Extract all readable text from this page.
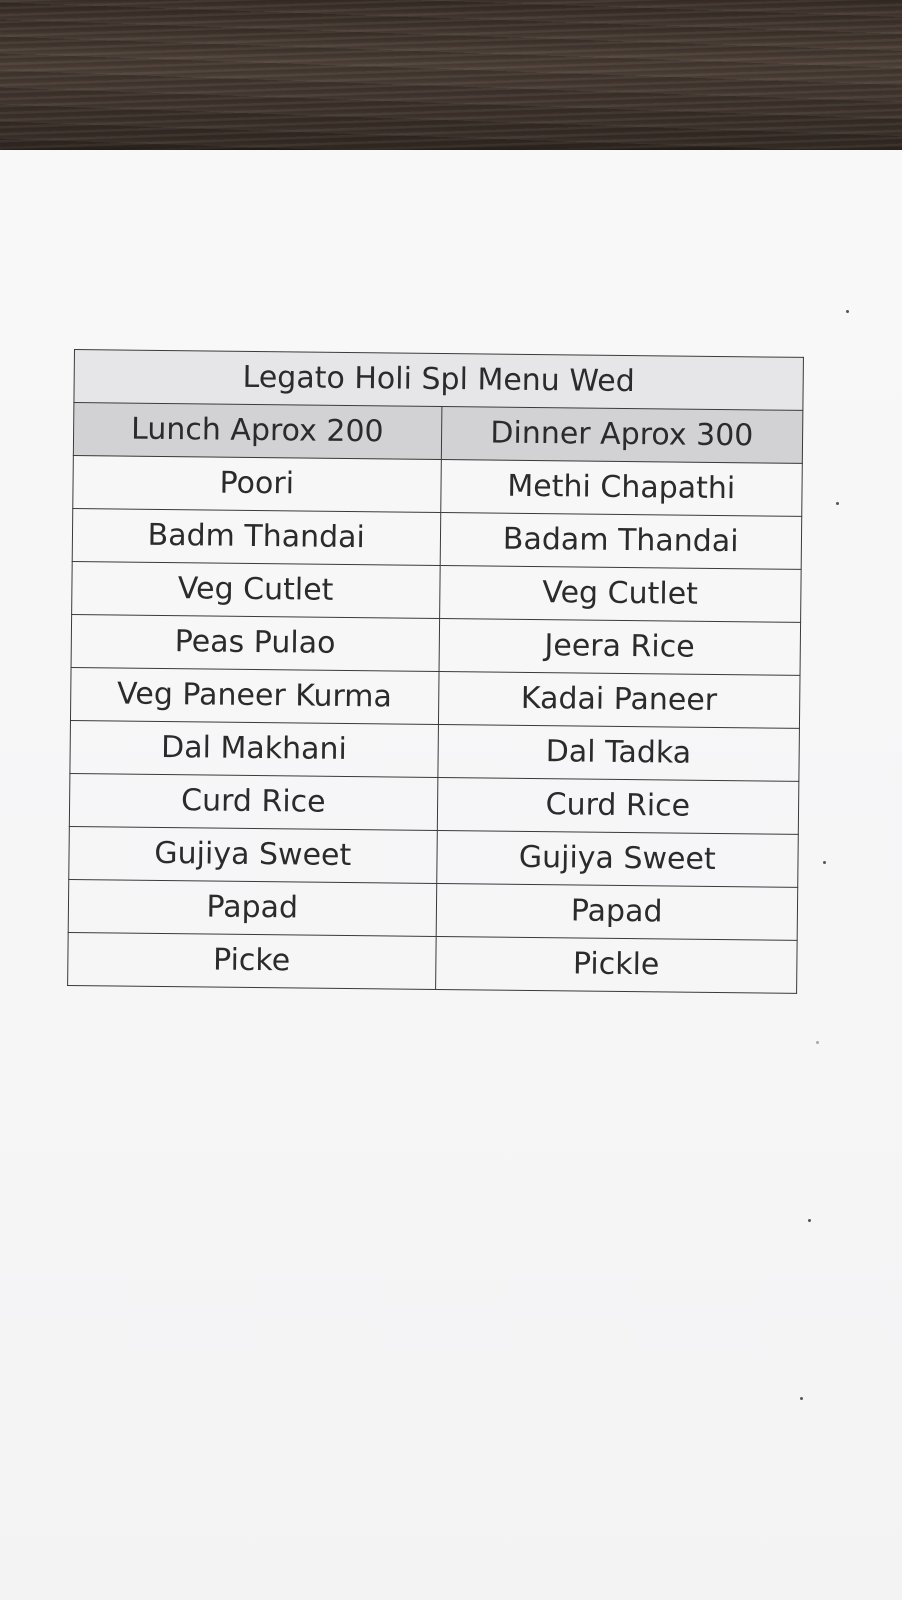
Legato Holi Spl Menu Wed	
Lunch Aprox 200	Dinner Aprox 300
Poori	Methi Chapathi
Badm Thandai	Badam Thandai
Veg Cutlet	Veg Cutlet
Peas Pulao	Jeera Rice
Veg Paneer Kurma	Kadai Paneer
Dal Makhani	Dal Tadka
Curd Rice	Curd Rice
Gujiya Sweet	Gujiya Sweet
Papad	Papad
Picke	Pickle
